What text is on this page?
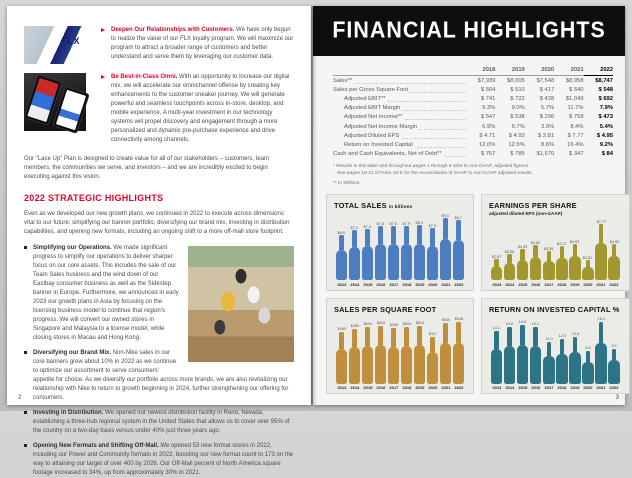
FLX
Deepen Our Relationships with Customers. We have only begun to realize the value of our FLX loyalty program. We will maximize our program to attract a broader range of customers and better understand and serve them by leveraging our customer data.
Be Best-in-Class Omni. With an opportunity to increase our digital mix, we will accelerate our omnichannel offense by creating key enhancements to the customer sneaker journey. We will generate powerful and seamless touchpoints across in-store, desktop, and mobile experience. A multi-year investment in our technology systems will propel discovery and engagement through a more personalized and dynamic pre-purchase experience and drive connectivity among channels.

Our "Lace Up" Plan is designed to create value for all of our stakeholders – customers, team members, the communities we serve, and investors – and we are incredibly excited to begin executing against this vision.

2022 STRATEGIC HIGHLIGHTS

Even as we developed our new growth plans, we continued in 2022 to execute across dimensions vital to our future: simplifying our banner portfolio, diversifying our brand mix, investing in distribution capabilities, and opening new formats, including an ongoing shift to a more off-mall store footprint.

Simplifying our Operations. We made significant progress to simplify our operations to deliver sharper focus on our core assets. This includes the sale of our Team Sales business and the wind down of our Eastbay consumer business as well as the Sidestep banner in Europe. Furthermore, we announced in early 2023 our growth plans in Asia by focusing on the licensing business model to continue that region's progress. We will convert our owned stores in Singapore and Malaysia to a license model, while closing stores in Macau and Hong Kong.
Diversifying our Brand Mix. Non-Nike sales in our core banners grew about 10% in 2022 as we continue to optimize our assortment to serve consumers' appetite for choice. As we diversify our portfolio across more brands, we are also revitalizing our relationship with Nike to return to growth beginning in 2024, further strengthening our offering for consumers.
Investing in Distribution. We opened our newest distribution facility in Reno, Nevada, establishing a three-hub regional system in the United States that allows us to cover over 95% of the country on a two-day basis versus under 40% just three years ago.
Opening New Formats and Shifting Off-Mall. We opened 53 new format stores in 2022, including our Power and Community formats in 2022, boosting our new format count to 173 on the way to attaining our target of over 400 by 2026. Our Off-Mall percent of North America square footage increased to 34%, up from approximately 30% in 2021.
2
FINANCIAL HIGHLIGHTS
	2018	2019	2020	2021	2022
Sales**	$7,939	$8,005	$7,548	$8,958	$8,747
Sales per Gross Square Foot	$ 504	$ 510	$ 417	$ 540	$ 548
Adjusted EBIT**	$ 741	$ 722	$ 428	$1,049	$ 692
Adjusted EBIT Margin	9.3%	9.0%	5.7%	11.7%	7.9%
Adjusted Net Income**	$ 547	$ 538	$ 296	$ 758	$ 473
Adjusted Net Income Margin	6.9%	6.7%	3.9%	8.4%	5.4%
Adjusted Diluted EPS	$ 4.71	$ 4.93	$ 2.81	$ 7.77	$ 4.95
Return on Invested Capital	12.0%	12.5%	8.6%	16.4%	9.2%
Cash and Cash Equivalents, Net of Debt**	$ 767	$ 785	$1,570	$ 347	$ 84
* Results in this table and throughout pages 1 through 8 refer to non-GAAP, adjusted figures.
See pages 19-21 of Form 10-K for the reconciliation of GAAP to non-GAAP adjusted results.
** In Millions
TOTAL SALES in billions
$6.5
2013
$7.2
2014
$7.4
2015
$7.8
2016
$7.8
2017
$7.9
2018
$8.0
2019
$7.5
2020
$9.0
2021
$8.7
2022
EARNINGS PER SHARE
adjusted diluted EPS (non-GAAP)
$2.87
2013
$3.58
2014
$4.29
2015
$4.82
2016
$3.99
2017
$4.71
2018
$4.93
2019
$2.81
2020
$7.77
2021
$4.95
2022
SALES PER SQUARE FOOT
$460
2013
$490
2014
$504
2015
$515
2016
$495
2017
$504
2018
$510
2019
$417
2020
$540
2021
$548
2022
RETURN ON INVESTED CAPITAL %
14.1
2013
15.0
2014
15.6
2015
15.1
2016
11.0
2017
12.0
2018
12.5
2019
8.6
2020
16.4
2021
9.2
2022
3
